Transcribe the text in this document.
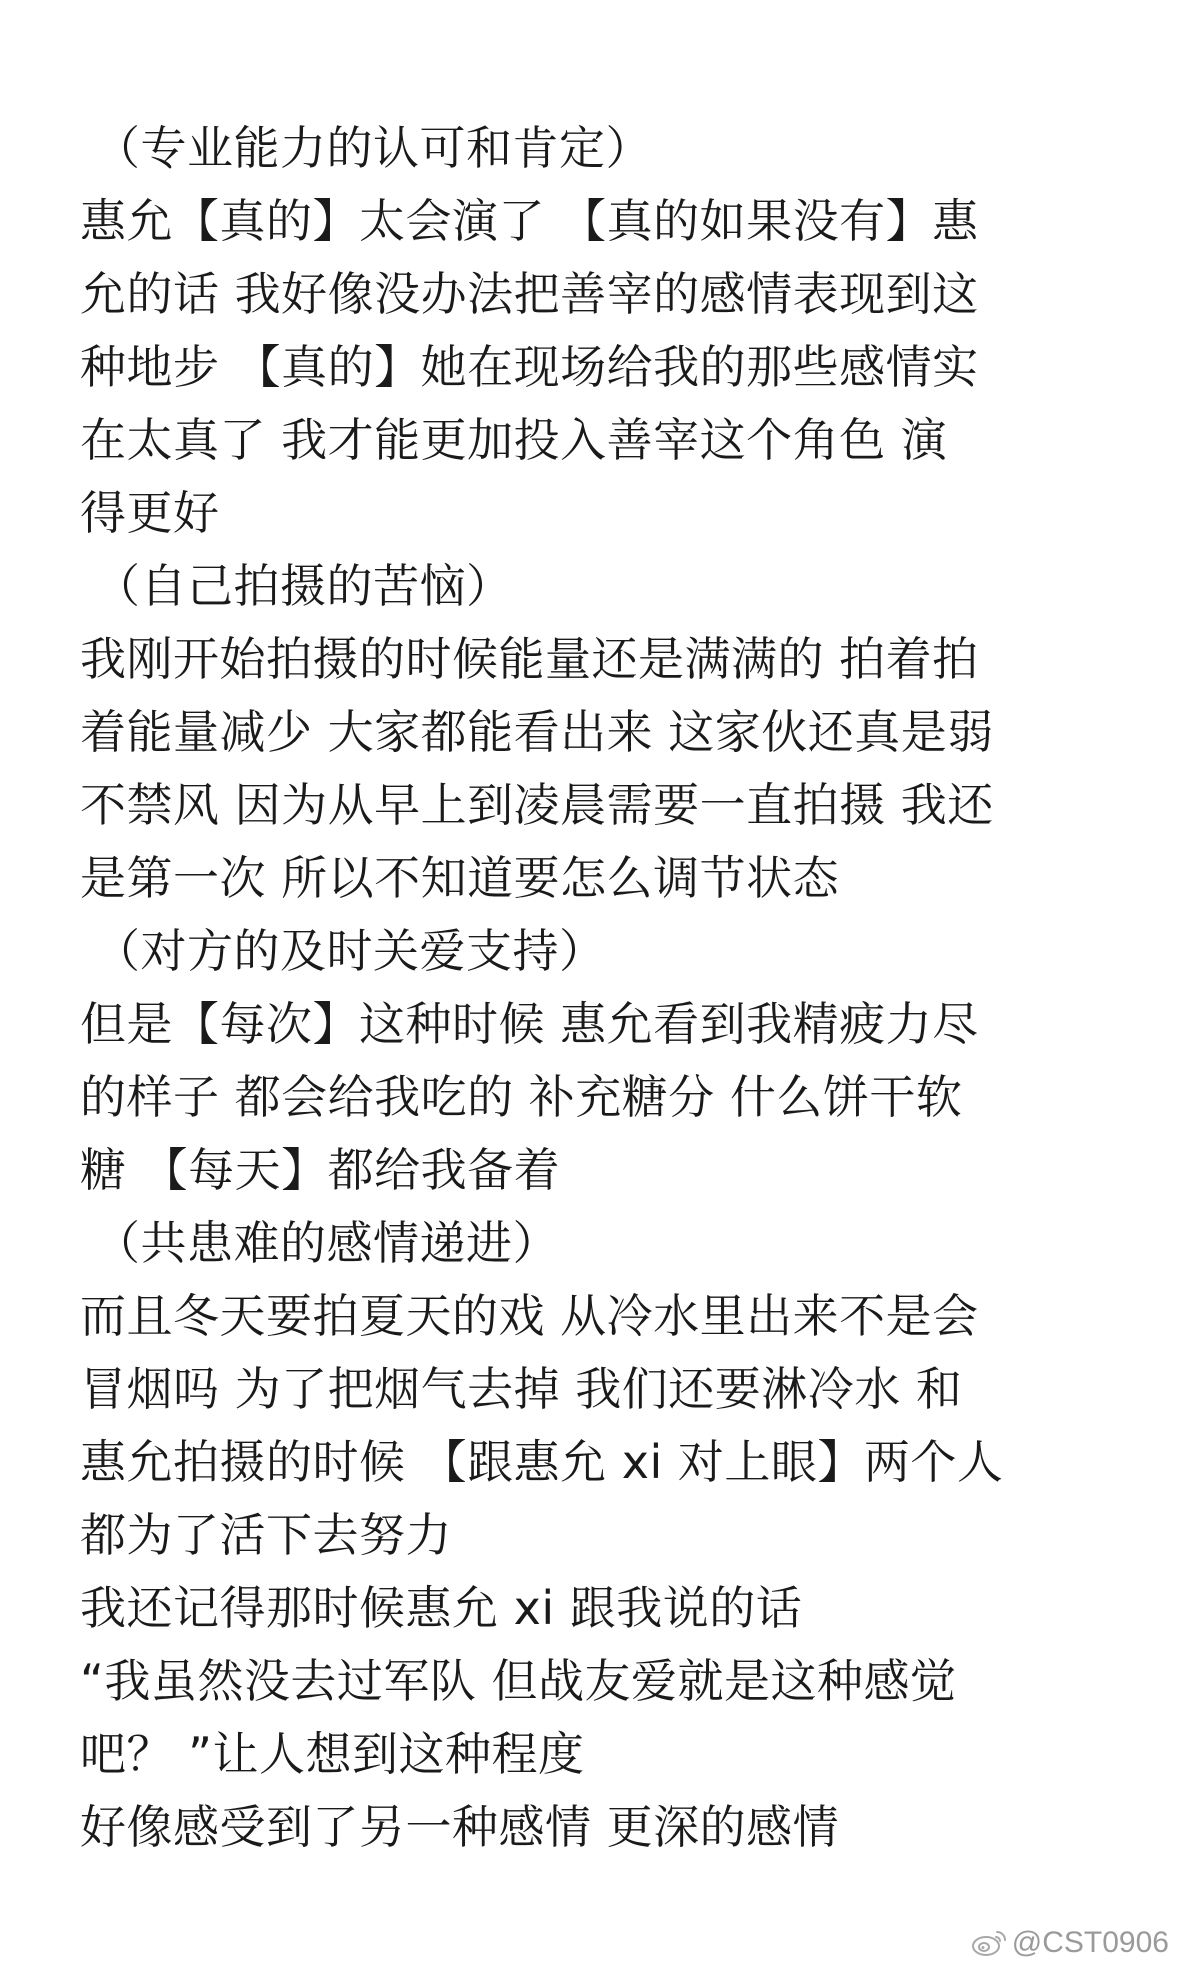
（专业能力的认可和肯定）
惠允【真的】太会演了 【真的如果没有】惠
允的话 我好像没办法把善宰的感情表现到这
种地步 【真的】她在现场给我的那些感情实
在太真了 我才能更加投入善宰这个角色 演
得更好
（自己拍摄的苦恼）
我刚开始拍摄的时候能量还是满满的 拍着拍
着能量减少 大家都能看出来 这家伙还真是弱
不禁风 因为从早上到凌晨需要一直拍摄 我还
是第一次 所以不知道要怎么调节状态
（对方的及时关爱支持）
但是【每次】这种时候 惠允看到我精疲力尽
的样子 都会给我吃的 补充糖分 什么饼干软
糖 【每天】都给我备着
（共患难的感情递进）
而且冬天要拍夏天的戏 从冷水里出来不是会
冒烟吗 为了把烟气去掉 我们还要淋冷水 和
惠允拍摄的时候 【跟惠允 xi 对上眼】两个人
都为了活下去努力
我还记得那时候惠允 xi 跟我说的话
“我虽然没去过军队 但战友爱就是这种感觉
吧？ ”让人想到这种程度
好像感受到了另一种感情 更深的感情
@CST0906
